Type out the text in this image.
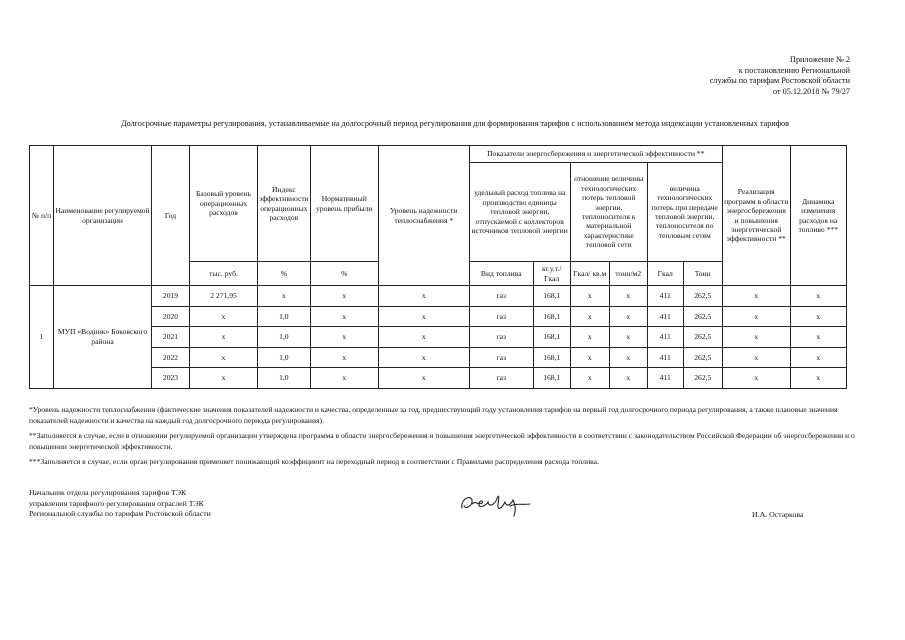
Приложение № 2
к постановлению Региональной
службы по тарифам Ростовской области
от 05.12.2018 № 79/27
Долгосрочные параметры регулирования, устанавливаемые на долгосрочный период регулирования для формирования тарифов с использованием метода индексации установленных тарифов
№ п/п	Наименование регулируемой организации	Год	Базовый уровень операционных расходов	Индекс эффективности операционных расходов	Нормативный уровень прибыли	Уровень надежности теплоснабжения *	Показатели энергосбережения и энергетической эффективности **						Реализация программ в области энергосбережения и повышения энергетической эффективности **	Динамика изменения расходов на топливо ***
							удельный расход топлива на производство единицы тепловой энергии, отпускаемой с коллекторов источников тепловой энергии		отношение величины технологических потерь тепловой энергии, теплоносителя к материальной характеристике тепловой сети		величина технологических потерь при передаче тепловой энергии, теплоносителя по тепловым сетям			
			тыс. руб.	%	%		Вид топлива	кг.у.т./ Гкал	Гкал/ кв.м	тонн/м2	Гкал	Тонн		
1	МУП «Водник» Боковского района	2019	2 271,95	х	х	х	газ	168,1	х	х	411	262,5	х	х
		2020	х	1,0	х	х	газ	168,1	х	х	411	262,5	х	х
		2021	х	1,0	х	х	газ	168,1	х	х	411	262,5	х	х
		2022	х	1,0	х	х	газ	168,1	х	х	411	262,5	х	х
		2023	х	1,0	х	х	газ	168,1	х	х	411	262,5	х	х

*Уровень надежности теплоснабжения (фактические значения показателей надежности и качества, определенные за год, предшествующий году установления тарифов на первый год долгосрочного периода регулирования, а также плановые значения показателей надежности и качества на каждый год долгосрочного периода регулирования).

**Заполняется в случае, если в отношении регулируемой организации утверждена программа в области энергосбережения и повышения энергетической эффективности в соответствии с законодательством Российской Федерации об энергосбережении и о повышении энергетической эффективности.

***Заполняется в случае, если орган регулирования применяет понижающий коэффициент на переходный период в соответствии с Правилами распределения расхода топлива.

Начальник отдела регулирования тарифов ТЭК
управления тарифного регулирования отраслей ТЭК
Региональной службы по тарифам Ростовской области	И.А. Остаркова
